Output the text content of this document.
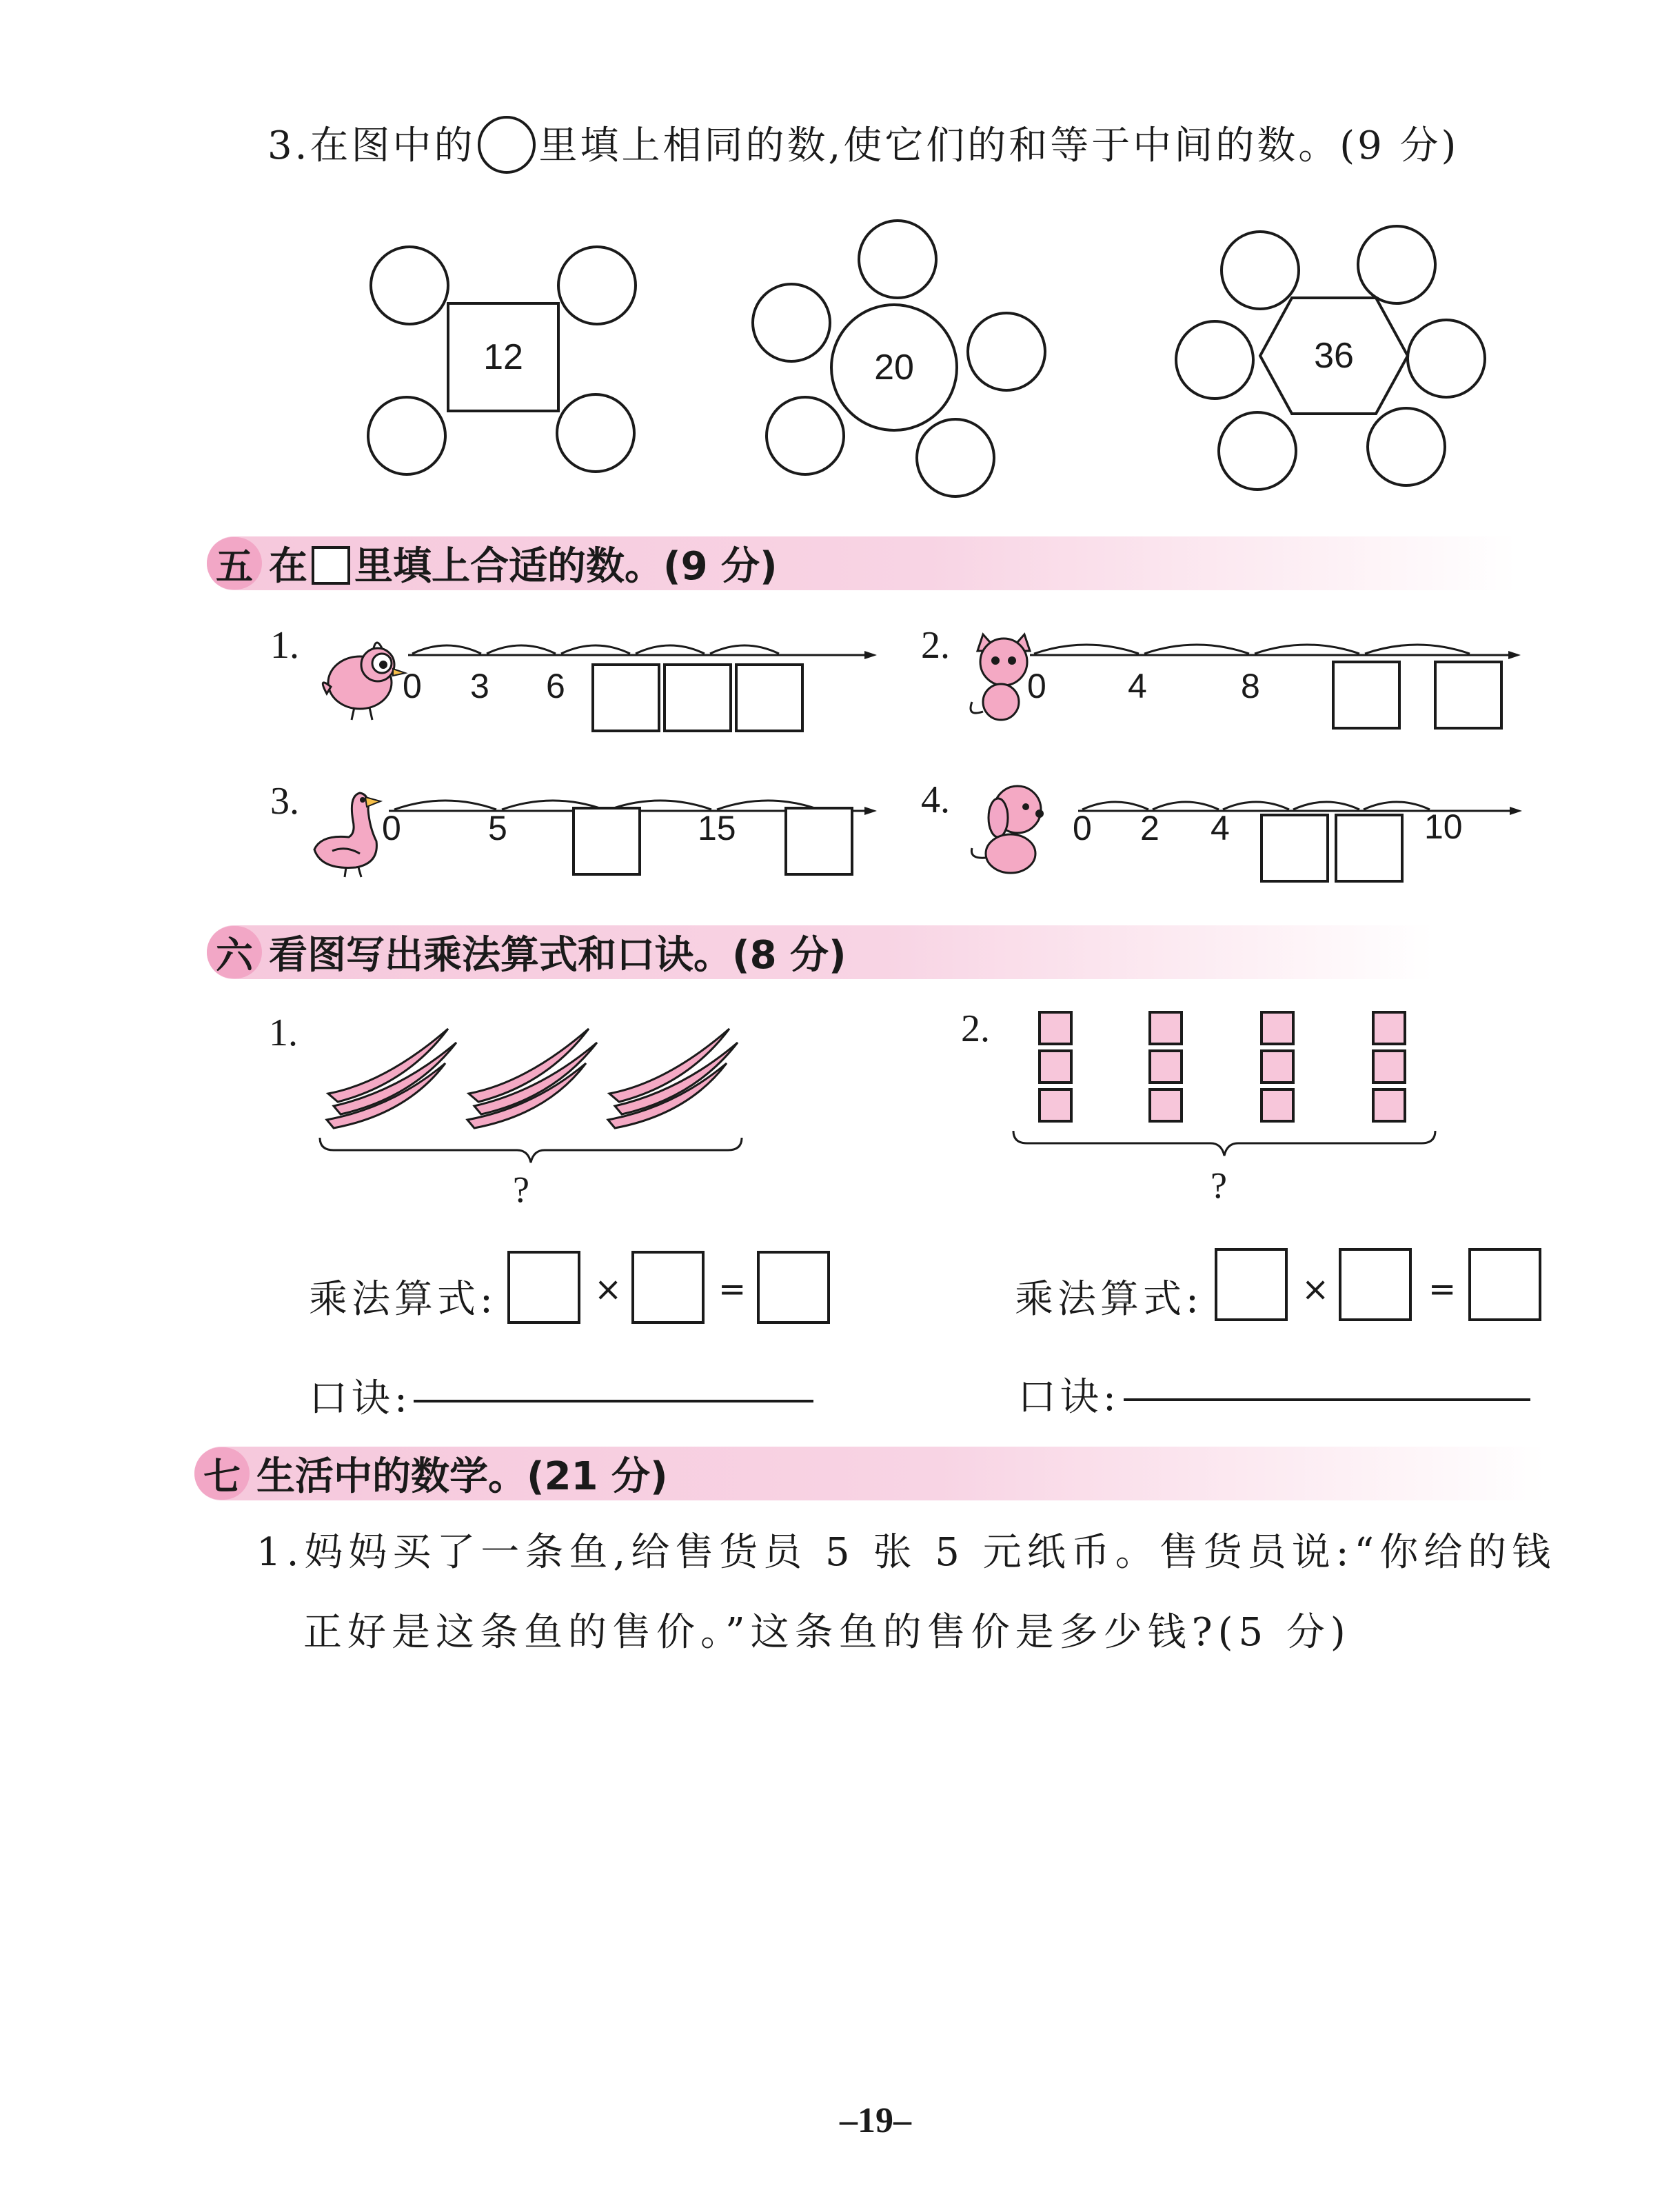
3.在图中的 里填上相同的数,使它们的和等于中间的数。(9 分)
12	20	36
五 在 里填上合适的数。(9 分)
1.
0 3 6
2.
0 4	8
3.
0	5	15
4.
0 2 4	10
六 看图写出乘法算式和口诀。(8 分)
1.
?
乘法算式:	×	=
口诀:
2.
?
乘法算式:	×	=
口诀:
七 生活中的数学。(21 分)
1.妈妈买了一条鱼,给售货员 5 张 5 元纸币。售货员说:“你给的钱
正好是这条鱼的售价。”这条鱼的售价是多少钱?(5 分)
–19–
